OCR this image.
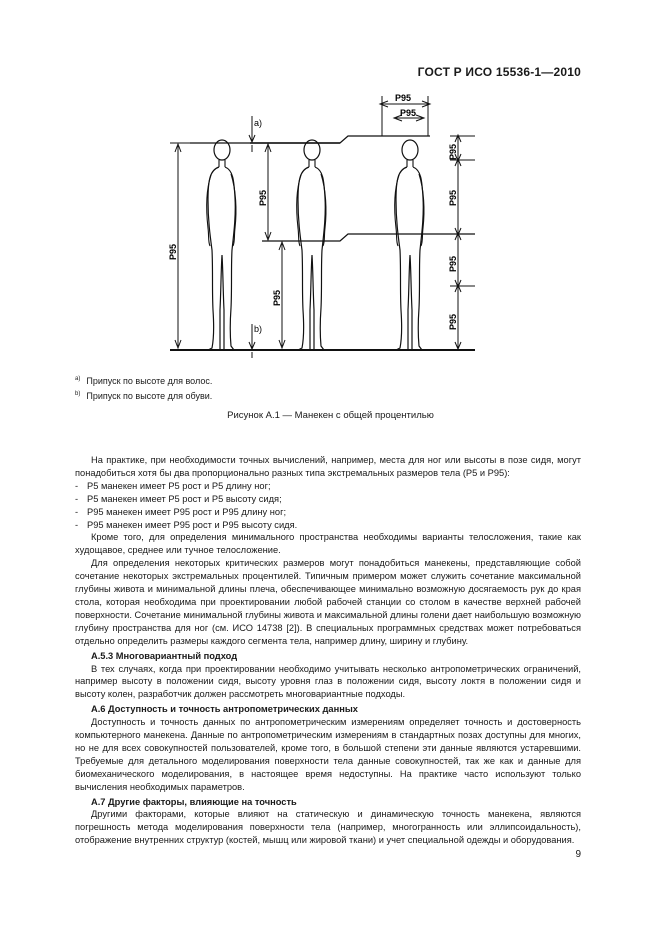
ГОСТ Р ИСО 15536-1—2010
P95
P95
a)
b)
P95
P95
P95
P95
P95
P95
P95
$^{a)}$ Припуск по высоте для волос.
$^{b)}$ Припуск по высоте для обуви.
Рисунок А.1 — Манекен с общей процентилью

На практике, при необходимости точных вычислений, например, места для ног или высоты в позе сидя, могут понадобиться хотя бы два пропорционально разных типа экстремальных размеров тела (P5 и P95):

- P5 манекен имеет P5 рост и P5 длину ног;
- P5 манекен имеет P5 рост и P5 высоту сидя;
- P95 манекен имеет P95 рост и P95 длину ног;
- P95 манекен имеет P95 рост и P95 высоту сидя.

Кроме того, для определения минимального пространства необходимы варианты телосложения, такие как худощавое, среднее или тучное телосложение.

Для определения некоторых критических размеров могут понадобиться манекены, представляющие собой сочетание некоторых экстремальных процентилей. Типичным примером может служить сочетание максимальной глубины живота и минимальной длины плеча, обеспечивающее минимально возможную досягаемость рук до края стола, которая необходима при проектировании любой рабочей станции со столом в качестве верхней рабочей поверхности. Сочетание минимальной глубины живота и максимальной длины голени дает наибольшую возможную глубину пространства для ног (см. ИСО 14738 [2]). В специальных программных средствах может потребоваться отдельно определить размеры каждого сегмента тела, например длину, ширину и глубину.

А.5.3 Многовариантный подход

В тех случаях, когда при проектировании необходимо учитывать несколько антропометрических ограничений, например высоту в положении сидя, высоту уровня глаз в положении сидя, высоту локтя в положении сидя и высоту колен, разработчик должен рассмотреть многовариантные подходы.

А.6 Доступность и точность антропометрических данных

Доступность и точность данных по антропометрическим измерениям определяет точность и достоверность компьютерного манекена. Данные по антропометрическим измерениям в стандартных позах доступны для многих, но не для всех совокупностей пользователей, кроме того, в большой степени эти данные являются устаревшими. Требуемые для детального моделирования поверхности тела данные совокупностей, так же как и данные для биомеханического моделирования, в настоящее время недоступны. На практике часто используют только вычисления необходимых параметров.

А.7 Другие факторы, влияющие на точность

Другими факторами, которые влияют на статическую и динамическую точность манекена, являются погрешность метода моделирования поверхности тела (например, многогранность или эллипсоидальность), отображение внутренних структур (костей, мышц или жировой ткани) и учет специальной одежды и оборудования.

9
